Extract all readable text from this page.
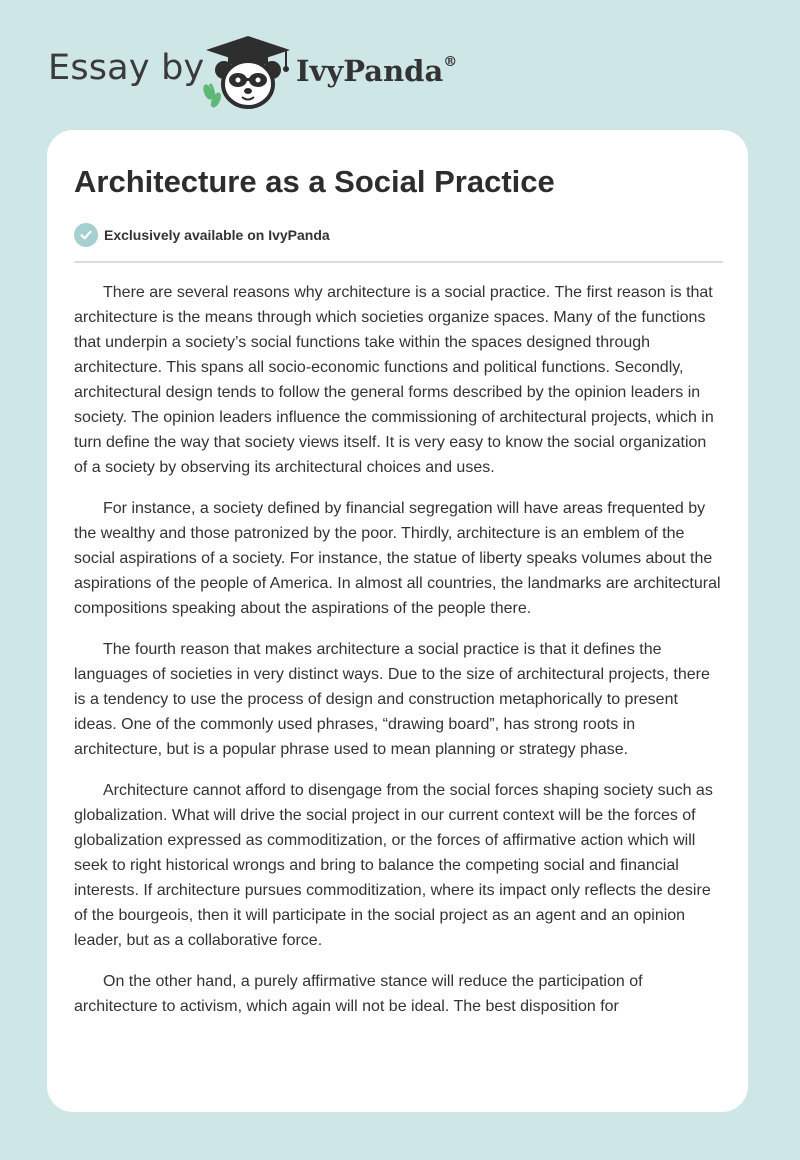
Essay by	IvyPanda®
Architecture as a Social Practice
Exclusively available on IvyPanda

There are several reasons why architecture is a social practice. The first reason is that architecture is the means through which societies organize spaces. Many of the functions that underpin a society’s social functions take within the spaces designed through architecture. This spans all socio-economic functions and political functions. Secondly, architectural design tends to follow the general forms described by the opinion leaders in society. The opinion leaders influence the commissioning of architectural projects, which in turn define the way that society views itself. It is very easy to know the social organization of a society by observing its architectural choices and uses.

For instance, a society defined by financial segregation will have areas frequented by the wealthy and those patronized by the poor. Thirdly, architecture is an emblem of the social aspirations of a society. For instance, the statue of liberty speaks volumes about the aspirations of the people of America. In almost all countries, the landmarks are architectural compositions speaking about the aspirations of the people there.

The fourth reason that makes architecture a social practice is that it defines the languages of societies in very distinct ways. Due to the size of architectural projects, there is a tendency to use the process of design and construction metaphorically to present ideas. One of the commonly used phrases, “drawing board”, has strong roots in architecture, but is a popular phrase used to mean planning or strategy phase.

Architecture cannot afford to disengage from the social forces shaping society such as globalization. What will drive the social project in our current context will be the forces of globalization expressed as commoditization, or the forces of affirmative action which will seek to right historical wrongs and bring to balance the competing social and financial interests. If architecture pursues commoditization, where its impact only reflects the desire of the bourgeois, then it will participate in the social project as an agent and an opinion leader, but as a collaborative force.

On the other hand, a purely affirmative stance will reduce the participation of architecture to activism, which again will not be ideal. The best disposition for
